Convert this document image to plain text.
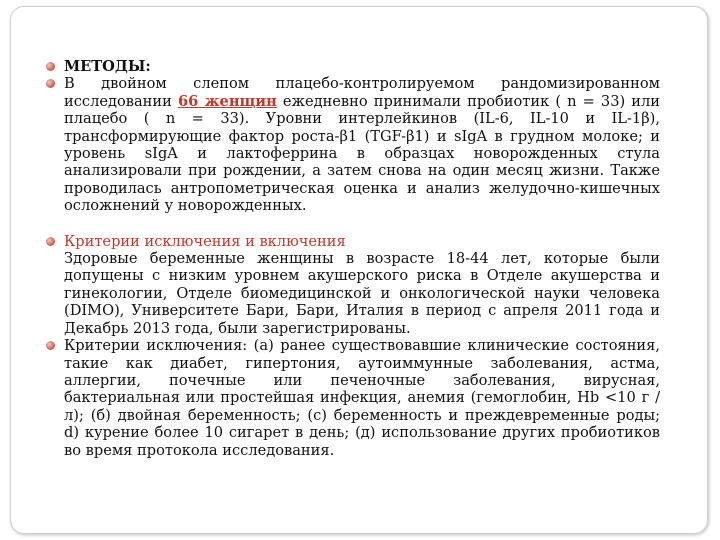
МЕТОДЫ:
В двойном слепом плацебо-контролируемом рандомизированном исследовании 66 женщин ежедневно принимали пробиотик ( n = 33) или плацебо ( n = 33). Уровни интерлейкинов (IL-6, IL-10 и IL-1β), трансформирующие фактор роста-β1 (TGF-β1) и sIgA в грудном молоке; и уровень sIgA и лактоферрина в образцах новорожденных стула анализировали при рождении, а затем снова на один месяц жизни. Также проводилась антропометрическая оценка и анализ желудочно-кишечных осложнений у новорожденных.
Критерии исключения и включения
Здоровые беременные женщины в возрасте 18-44 лет, которые были допущены с низким уровнем акушерского риска в Отделе акушерства и гинекологии, Отделе биомедицинской и онкологической науки человека (DIMO), Университете Бари, Бари, Италия в период с апреля 2011 года и Декабрь 2013 года, были зарегистрированы.
Критерии исключения: (а) ранее существовавшие клинические состояния, такие как диабет, гипертония, аутоиммунные заболевания, астма, аллергии, почечные или печеночные заболевания, вирусная, бактериальная или простейшая инфекция, анемия (гемоглобин, Hb <10 г / л); (б) двойная беременность; (с) беременность и преждевременные роды; d) курение более 10 сигарет в день; (д) использование других пробиотиков во время протокола исследования.
